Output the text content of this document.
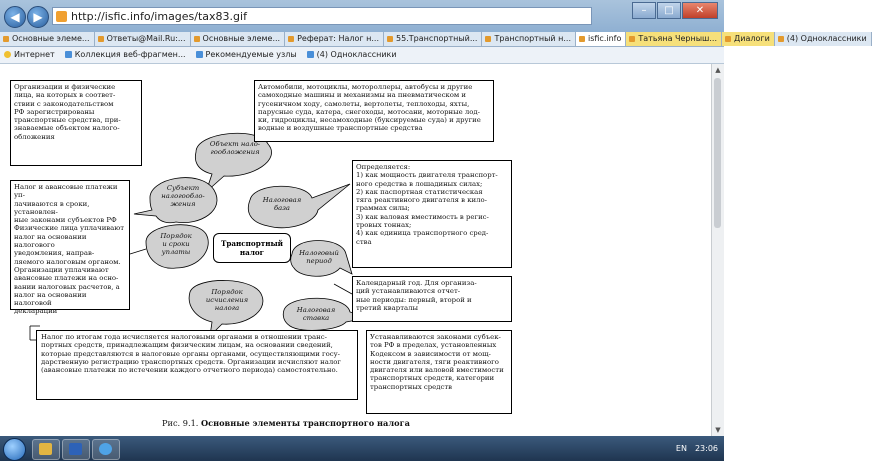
◀	▶	http://isfic.info/images/tax83.gif	–	□	✕
Основные элеме...	Ответы@Mail.Ru:...	Основные элеме...	Реферат: Налог н...	55.Транспортный...	Транспортный н...	isfic.info	Татьяна Черныш...	Диалоги	(4) Одноклассники
Интернет	Коллекция веб-фрагмен...	Рекомендуемые узлы	(4) Одноклассники
Организации и физические
лица, на которых в соответ-
ствии с законодательством
РФ зарегистрированы
транспортные средства, при-
знаваемые объектом налого-
обложения
Автомобили, мотоциклы, мотороллеры, автобусы и другие
самоходные машины и механизмы на пневматическом и
гусеничном ходу, самолеты, вертолеты, теплоходы, яхты,
парусные суда, катера, снегоходы, мотосани, моторные лод-
ки, гидроциклы, несамоходные (буксируемые суда) и другие
водные и воздушные транспортные средства
Налог и авансовые платежи уп-
лачиваются в сроки, установлен-
ные законами субъектов РФ
Физические лица уплачивают
налог на основании налогового
уведомления, направ-
ляемого налоговым органом.
Организации уплачивают
авансовые платежи на осно-
вании налоговых расчетов, а
налог на основании налоговой
декларации
Определяется:
1) как мощность двигателя транспорт-
ного средства в лошадиных силах;
2) как паспортная статистическая
тяга реактивного двигателя в кило-
граммах силы;
3) как валовая вместимость в регис-
тровых тоннах;
4) как единица транспортного сред-
ства
Календарный год. Для организа-
ций устанавливаются отчет-
ные периоды: первый, второй и
третий кварталы
Налог по итогам года исчисляется налоговыми органами в отношении транс-
портных средств, принадлежащим физическим лицам, на основании сведений,
которые представляются в налоговые органы органами, осуществляющими госу-
дарственную регистрацию транспортных средств. Организации исчисляют налог
(авансовые платежи по истечении каждого отчетного периода) самостоятельно.
Устанавливаются законами субъек-
тов РФ в пределах, установленных
Кодексом в зависимости от мощ-
ности двигателя, тяги реактивного
двигателя или валовой вместимости
транспортных средств, категории
транспортных средств
Объект нало-
гообложения
Субъект
налогообло-
жения	Налоговая
база
Порядок
и сроки
уплаты	Налоговый
период
Порядок
исчисления
налога	Налоговая
ставка
Транспортный
налог
Рис. 9.1. Основные элементы транспортного налога
▲
▼
EN 23:06
